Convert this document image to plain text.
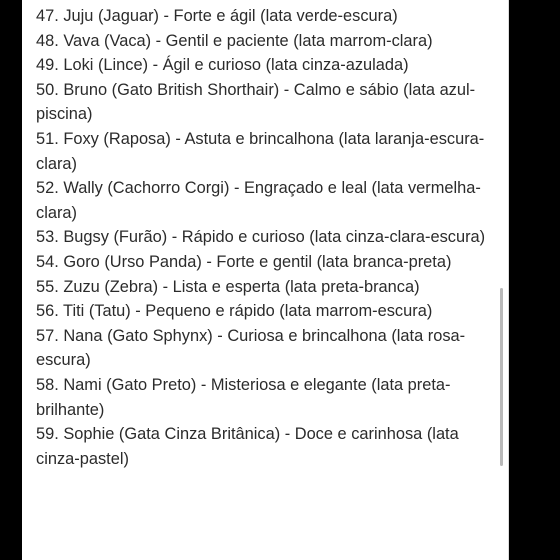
47. Juju (Jaguar) - Forte e ágil (lata verde-escura)
48. Vava (Vaca) - Gentil e paciente (lata marrom-clara)
49. Loki (Lince) - Ágil e curioso (lata cinza-azulada)
50. Bruno (Gato British Shorthair) - Calmo e sábio (lata azul-piscina)
51. Foxy (Raposa) - Astuta e brincalhona (lata laranja-escura-clara)
52. Wally (Cachorro Corgi) - Engraçado e leal (lata vermelha-clara)
53. Bugsy (Furão) - Rápido e curioso (lata cinza-clara-escura)
54. Goro (Urso Panda) - Forte e gentil (lata branca-preta)
55. Zuzu (Zebra) - Lista e esperta (lata preta-branca)
56. Titi (Tatu) - Pequeno e rápido (lata marrom-escura)
57. Nana (Gato Sphynx) - Curiosa e brincalhona (lata rosa-escura)
58. Nami (Gato Preto) - Misteriosa e elegante (lata preta-brilhante)
59. Sophie (Gata Cinza Britânica) - Doce e carinhosa (lata cinza-pastel)
